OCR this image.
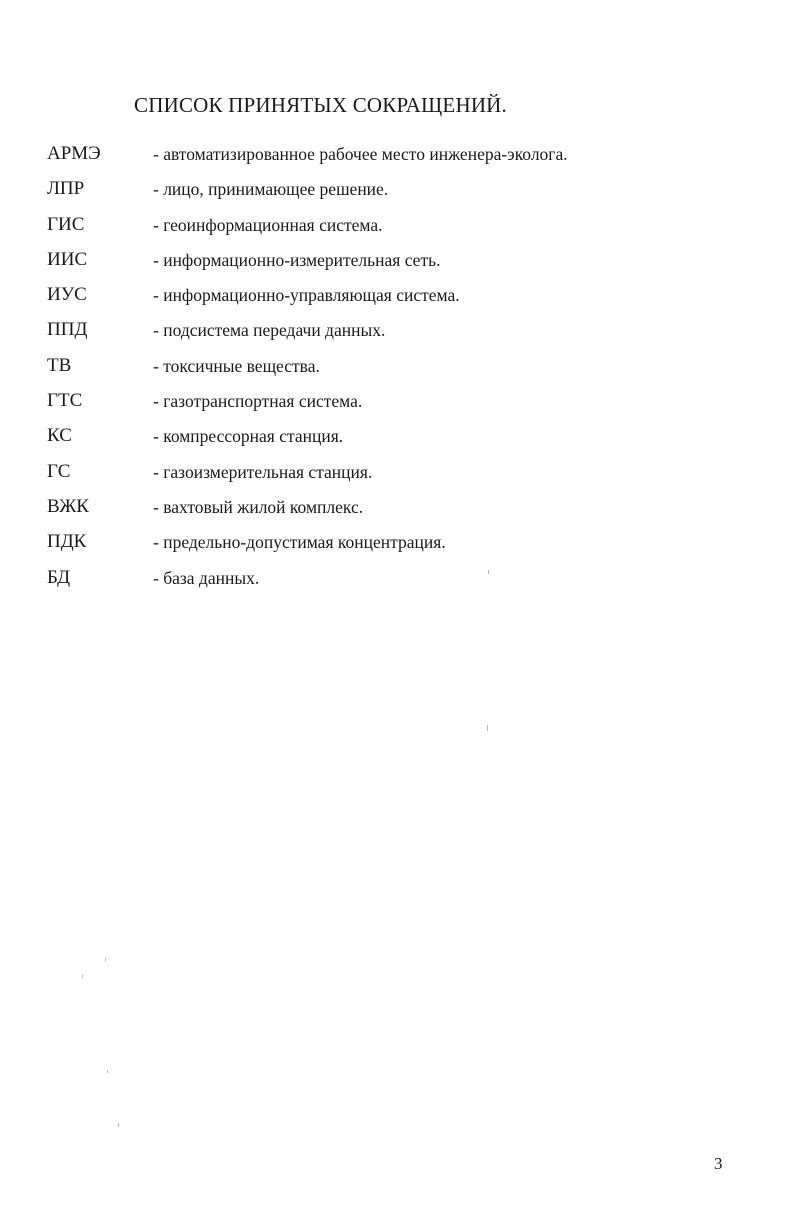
СПИСОК ПРИНЯТЫХ СОКРАЩЕНИЙ.
АРМЭ	- автоматизированное рабочее место инженера-эколога.
ЛПР	- лицо, принимающее решение.
ГИС	- геоинформационная система.
ИИС	- информационно-измерительная сеть.
ИУС	- информационно-управляющая система.
ППД	- подсистема передачи данных.
ТВ	- токсичные вещества.
ГТС	- газотранспортная система.
КС	- компрессорная станция.
ГС	- газоизмерительная станция.
ВЖК	- вахтовый жилой комплекс.
ПДК	- предельно-допустимая концентрация.
БД	- база данных.
3
